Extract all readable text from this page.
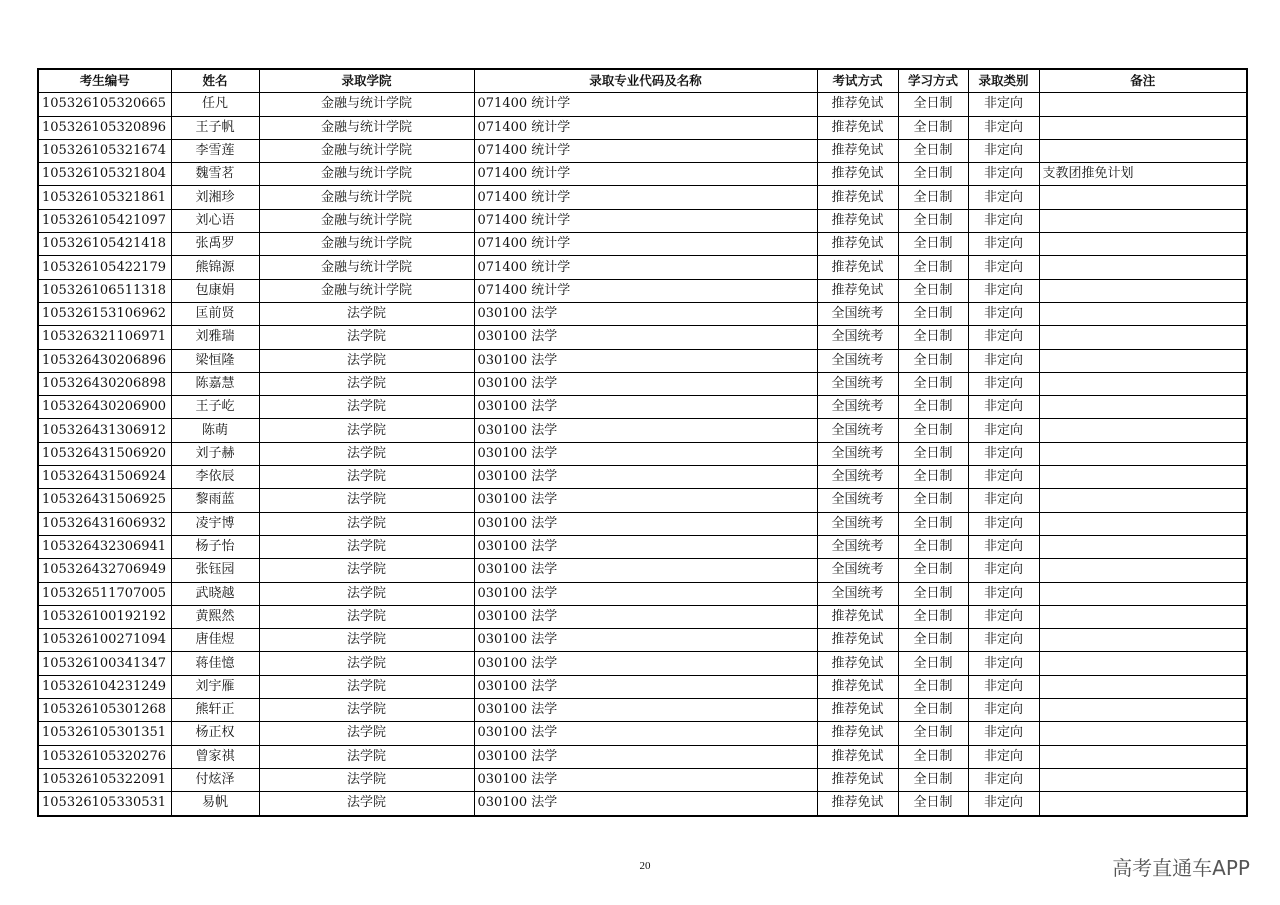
考生编号	姓名	录取学院	录取专业代码及名称	考试方式	学习方式	录取类别	备注
105326105320665	任凡	金融与统计学院	071400 统计学	推荐免试	全日制	非定向	
105326105320896	王子帆	金融与统计学院	071400 统计学	推荐免试	全日制	非定向	
105326105321674	李雪莲	金融与统计学院	071400 统计学	推荐免试	全日制	非定向	
105326105321804	魏雪茗	金融与统计学院	071400 统计学	推荐免试	全日制	非定向	支教团推免计划
105326105321861	刘湘珍	金融与统计学院	071400 统计学	推荐免试	全日制	非定向	
105326105421097	刘心语	金融与统计学院	071400 统计学	推荐免试	全日制	非定向	
105326105421418	张禹罗	金融与统计学院	071400 统计学	推荐免试	全日制	非定向	
105326105422179	熊锦源	金融与统计学院	071400 统计学	推荐免试	全日制	非定向	
105326106511318	包康娟	金融与统计学院	071400 统计学	推荐免试	全日制	非定向	
105326153106962	匡前贤	法学院	030100 法学	全国统考	全日制	非定向	
105326321106971	刘雅瑞	法学院	030100 法学	全国统考	全日制	非定向	
105326430206896	梁恒隆	法学院	030100 法学	全国统考	全日制	非定向	
105326430206898	陈嘉慧	法学院	030100 法学	全国统考	全日制	非定向	
105326430206900	王子屹	法学院	030100 法学	全国统考	全日制	非定向	
105326431306912	陈萌	法学院	030100 法学	全国统考	全日制	非定向	
105326431506920	刘子赫	法学院	030100 法学	全国统考	全日制	非定向	
105326431506924	李依辰	法学院	030100 法学	全国统考	全日制	非定向	
105326431506925	黎雨蓝	法学院	030100 法学	全国统考	全日制	非定向	
105326431606932	凌宇博	法学院	030100 法学	全国统考	全日制	非定向	
105326432306941	杨子怡	法学院	030100 法学	全国统考	全日制	非定向	
105326432706949	张钰园	法学院	030100 法学	全国统考	全日制	非定向	
105326511707005	武晓越	法学院	030100 法学	全国统考	全日制	非定向	
105326100192192	黄熙然	法学院	030100 法学	推荐免试	全日制	非定向	
105326100271094	唐佳煜	法学院	030100 法学	推荐免试	全日制	非定向	
105326100341347	蒋佳憶	法学院	030100 法学	推荐免试	全日制	非定向	
105326104231249	刘宇雁	法学院	030100 法学	推荐免试	全日制	非定向	
105326105301268	熊轩正	法学院	030100 法学	推荐免试	全日制	非定向	
105326105301351	杨正权	法学院	030100 法学	推荐免试	全日制	非定向	
105326105320276	曾家祺	法学院	030100 法学	推荐免试	全日制	非定向	
105326105322091	付炫泽	法学院	030100 法学	推荐免试	全日制	非定向	
105326105330531	易帆	法学院	030100 法学	推荐免试	全日制	非定向	
20	高考直通车APP
